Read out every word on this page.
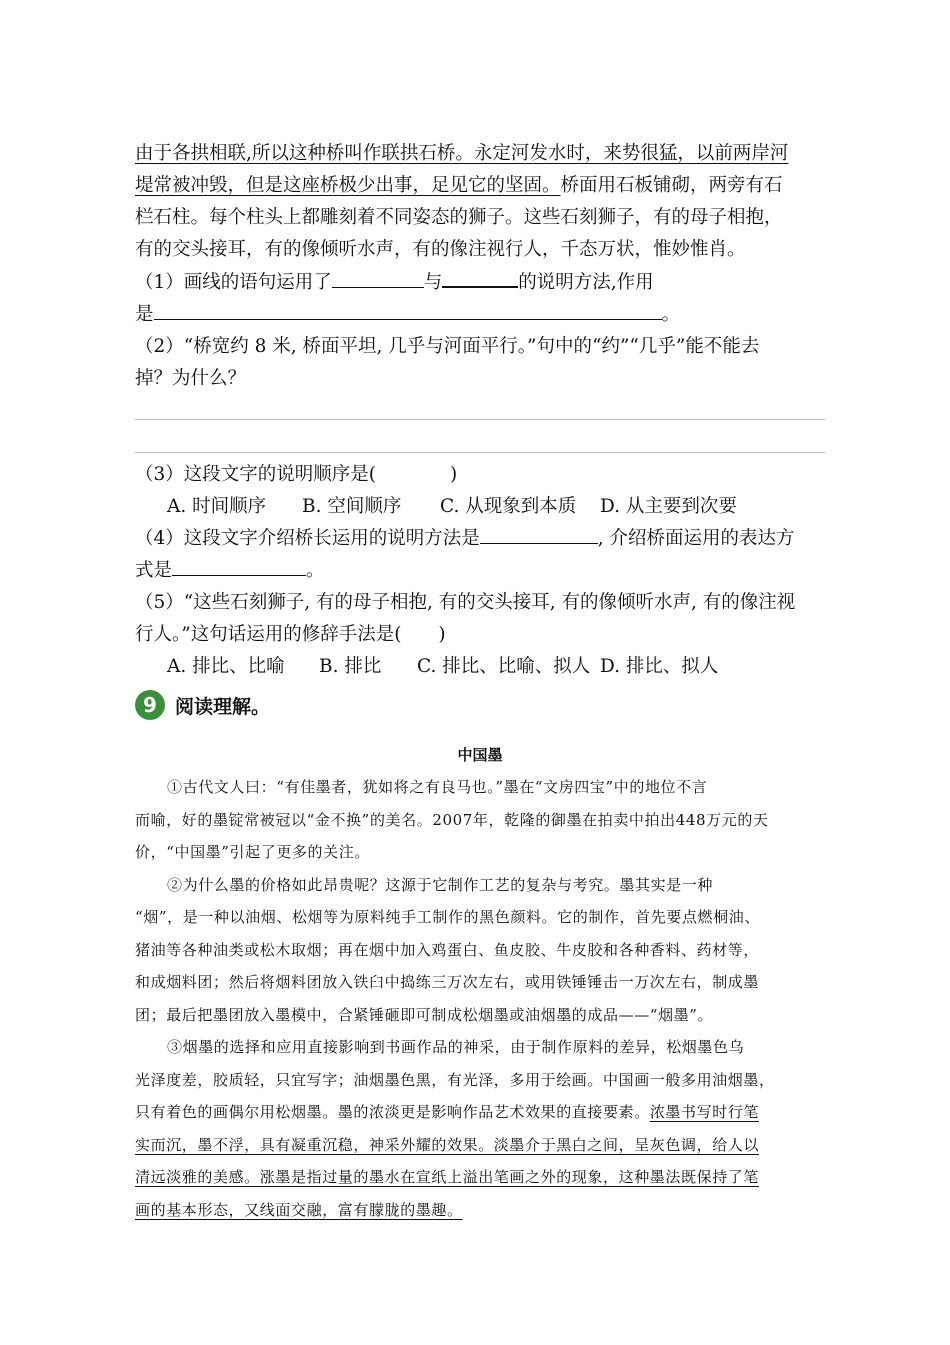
由于各拱相联,所以这种桥叫作联拱石桥。永定河发水时，来势很猛，以前两岸河

堤常被冲毁，但是这座桥极少出事，足见它的坚固。桥面用石板铺砌，两旁有石

栏石柱。每个柱头上都雕刻着不同姿态的狮子。这些石刻狮子，有的母子相抱，

有的交头接耳，有的像倾听水声，有的像注视行人，千态万状，惟妙惟肖。

（1）画线的语句运用了	与	的说明方法,作用

是	。

（2）“桥宽约 8 米, 桥面平坦, 几乎与河面平行。”句中的“约”“几乎”能不能去

掉？为什么？

（3）这段文字的说明顺序是(　　　　)

A. 时间顺序	B. 空间顺序	C. 从现象到本质	D. 从主要到次要

（4）这段文字介绍桥长运用的说明方法是	, 介绍桥面运用的表达方

式是	。

（5）“这些石刻狮子, 有的母子相抱, 有的交头接耳, 有的像倾听水声, 有的像注视

行人。”这句话运用的修辞手法是(　　)

A. 排比、比喻	B. 排比	C. 排比、比喻、拟人 D. 排比、拟人
9 阅读理解。
中国墨

①古代文人曰：“有佳墨者，犹如将之有良马也。”墨在“文房四宝”中的地位不言

而喻，好的墨锭常被冠以“金不换”的美名。2007年，乾隆的御墨在拍卖中拍出448万元的天

价，“中国墨”引起了更多的关注。

②为什么墨的价格如此昂贵呢？这源于它制作工艺的复杂与考究。墨其实是一种

“烟”，是一种以油烟、松烟等为原料纯手工制作的黑色颜料。它的制作，首先要点燃桐油、

猪油等各种油类或松木取烟；再在烟中加入鸡蛋白、鱼皮胶、牛皮胶和各种香料、药材等，

和成烟料团；然后将烟料团放入铁臼中捣练三万次左右，或用铁锤锤击一万次左右，制成墨

团；最后把墨团放入墨模中，合紧锤砸即可制成松烟墨或油烟墨的成品——“烟墨”。

③烟墨的选择和应用直接影响到书画作品的神采，由于制作原料的差异，松烟墨色乌

光泽度差，胶质轻，只宜写字；油烟墨色黑，有光泽，多用于绘画。中国画一般多用油烟墨，

只有着色的画偶尔用松烟墨。墨的浓淡更是影响作品艺术效果的直接要素。浓墨书写时行笔

实而沉，墨不浮，具有凝重沉稳，神采外耀的效果。淡墨介于黑白之间，呈灰色调，给人以

清远淡雅的美感。涨墨是指过量的墨水在宣纸上溢出笔画之外的现象，这种墨法既保持了笔

画的基本形态，又线面交融，富有朦胧的墨趣。
